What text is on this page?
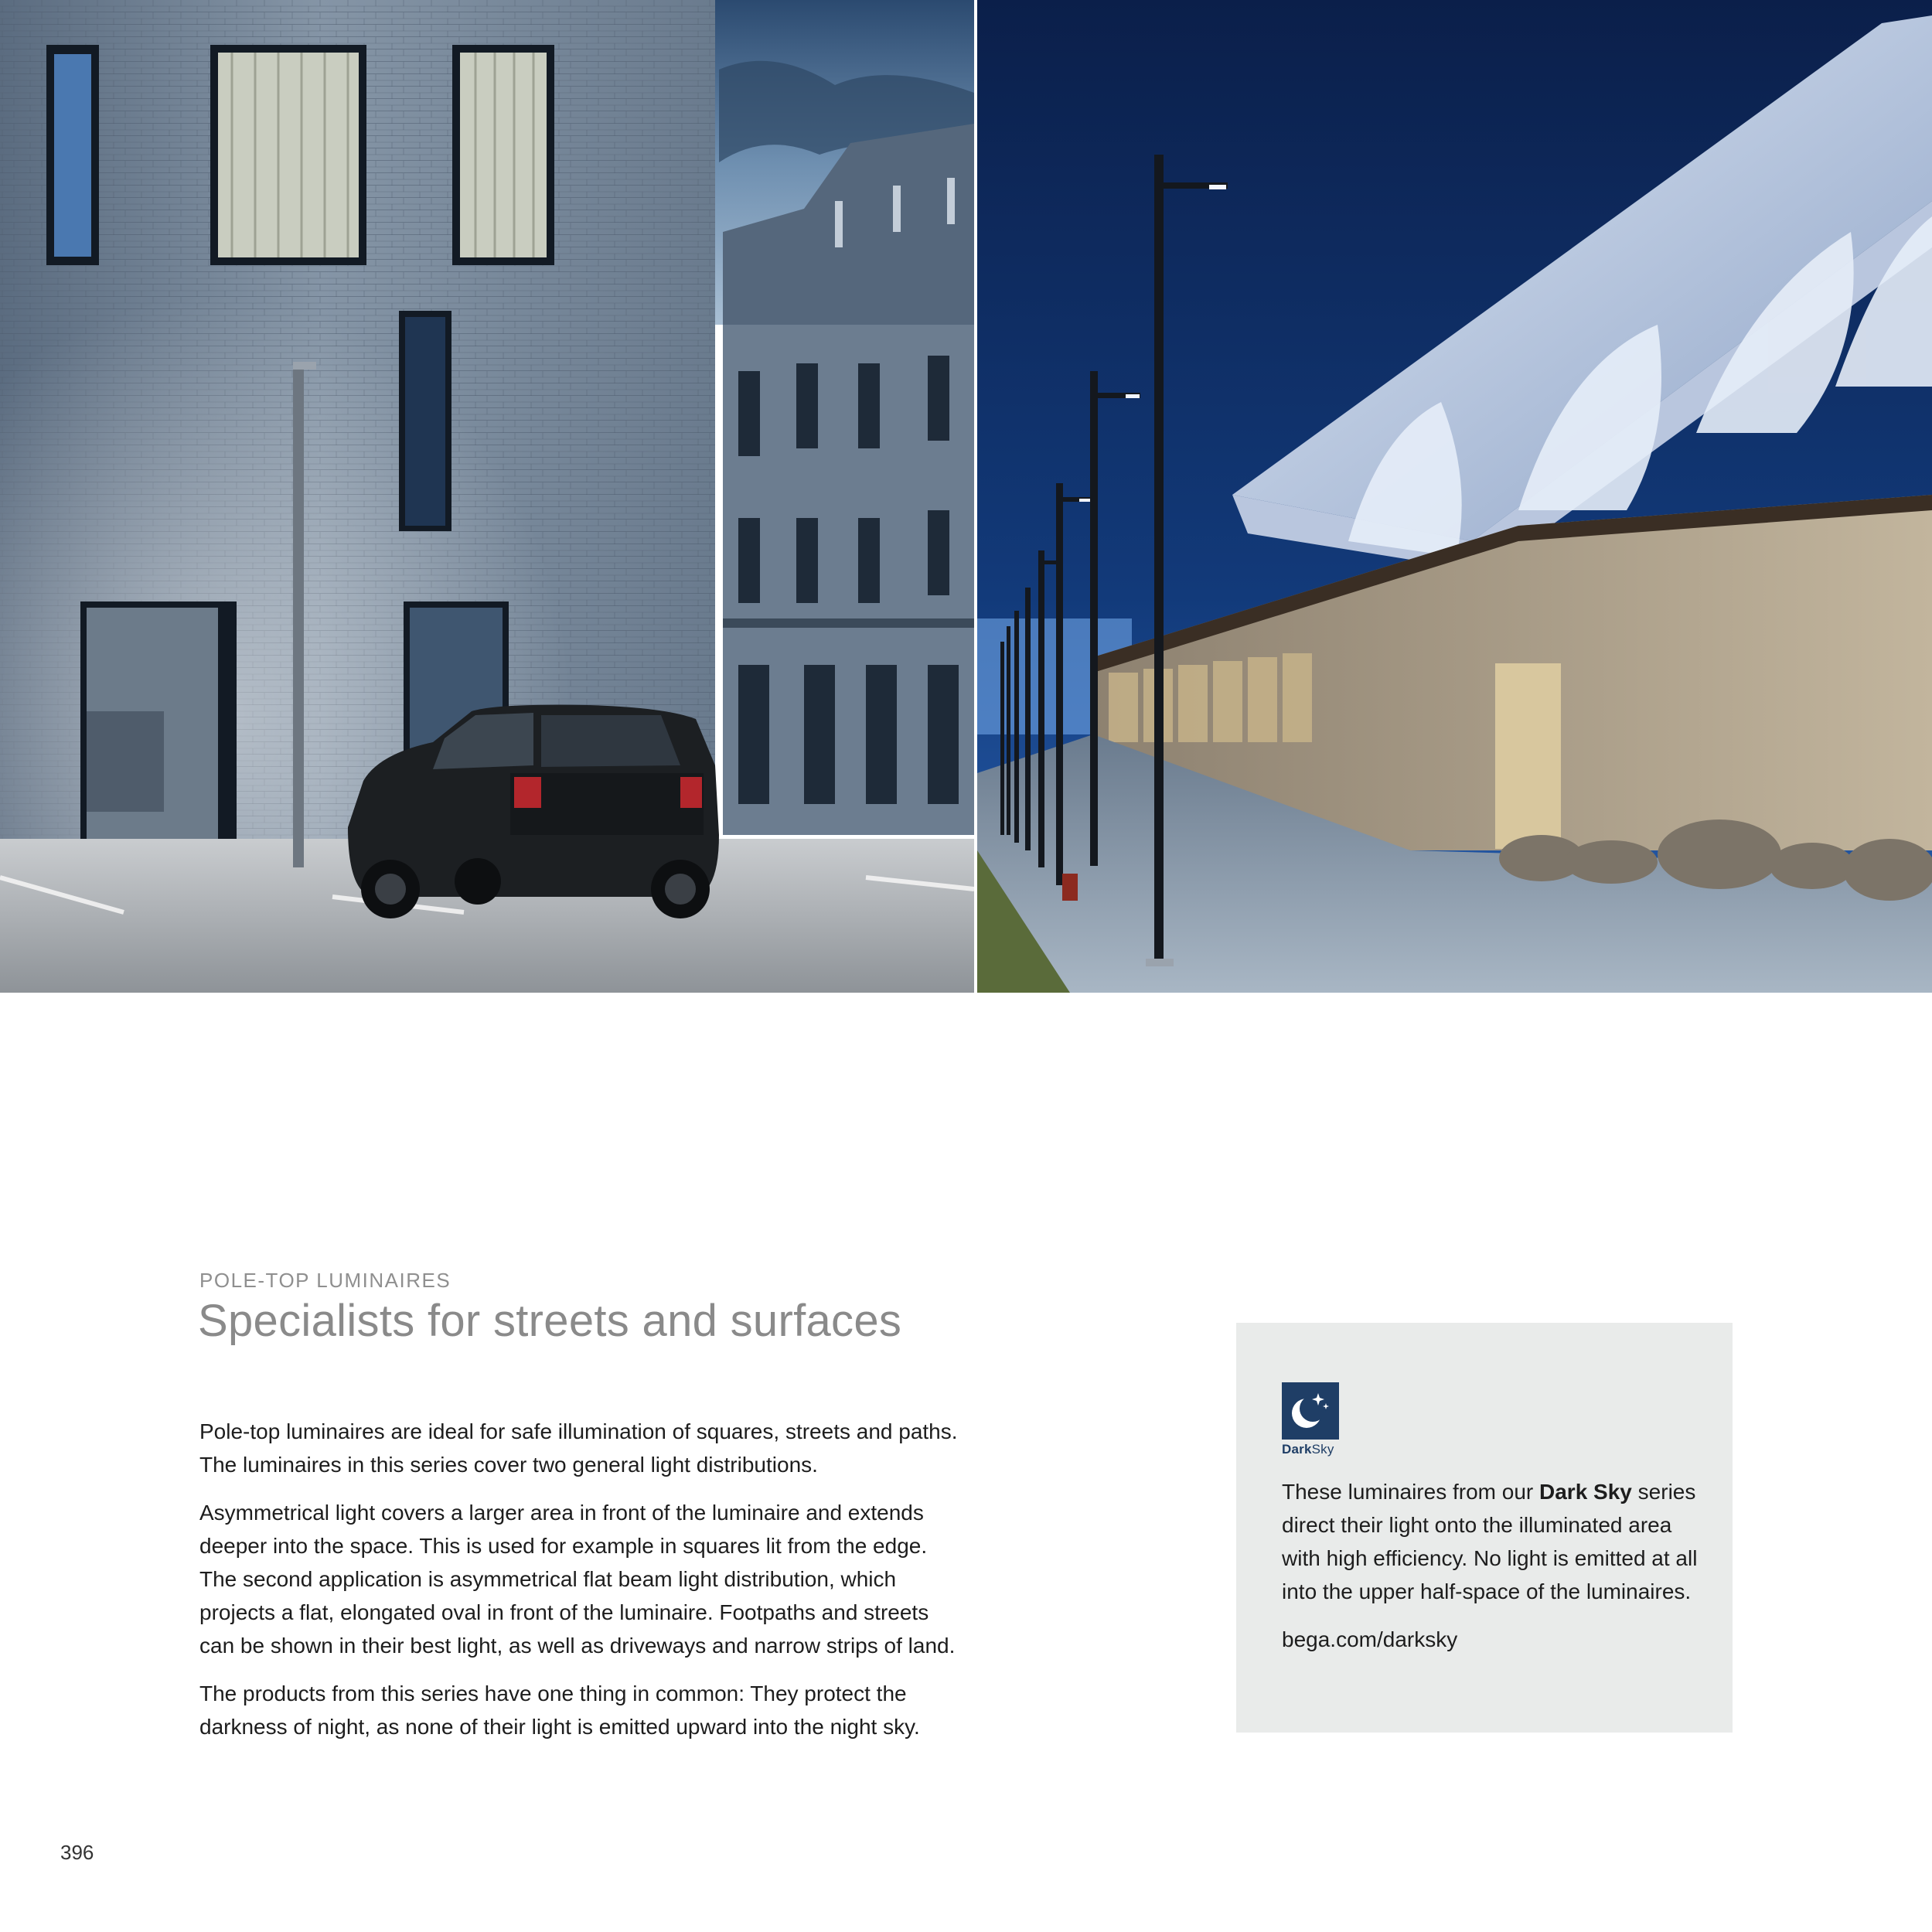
POLE-TOP LUMINAIRES
Specialists for streets and surfaces

Pole-top luminaires are ideal for safe illumination of squares, streets and paths.
The luminaires in this series cover two general light distributions.

Asymmetrical light covers a larger area in front of the luminaire and extends
deeper into the space. This is used for example in squares lit from the edge.
The second application is asymmetrical flat beam light distribution, which
projects a flat, elongated oval in front of the luminaire. Footpaths and streets
can be shown in their best light, as well as driveways and narrow strips of land.

The products from this series have one thing in common: They protect the
darkness of night, as none of their light is emitted upward into the night sky.

DarkSky

These luminaires from our Dark Sky series direct their light onto the illuminated area with high efficiency. No light is emitted at all into the upper half-space of the luminaires.

bega.com/darksky

396
